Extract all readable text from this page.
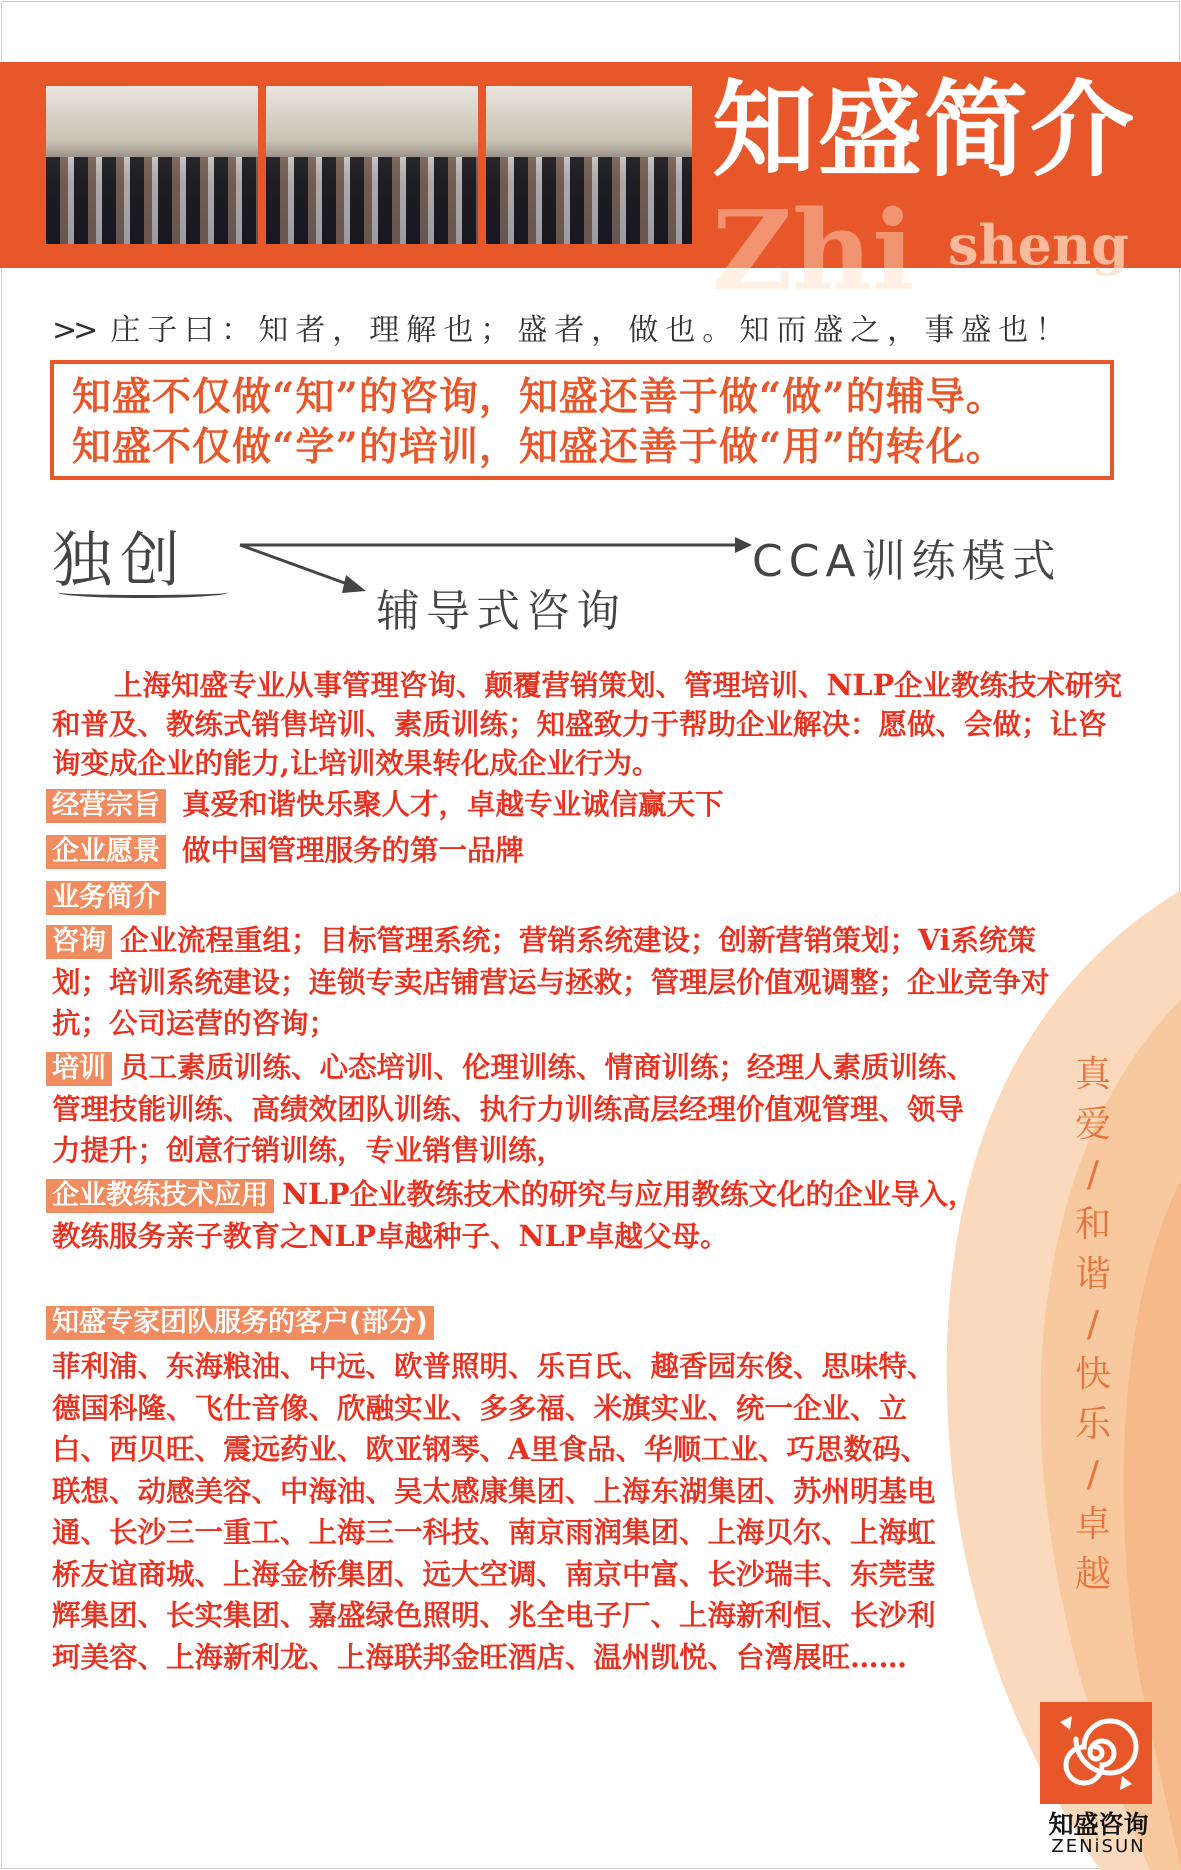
Zhi sheng
知盛简介
>> 庄子曰：知者，理解也；盛者，做也。知而盛之，事盛也！
知盛不仅做“知”的咨询，知盛还善于做“做”的辅导。
知盛不仅做“学”的培训，知盛还善于做“用”的转化。
独创	CCA训练模式
辅导式咨询
上海知盛专业从事管理咨询、颠覆营销策划、管理培训、NLP企业教练技术研究和普及、教练式销售培训、素质训练；知盛致力于帮助企业解决：愿做、会做；让咨询变成企业的能力,让培训效果转化成企业行为。
经营宗旨 真爱和谐快乐聚人才，卓越专业诚信赢天下
企业愿景 做中国管理服务的第一品牌
业务简介
咨询 企业流程重组；目标管理系统；营销系统建设；创新营销策划；Vi系统策划；培训系统建设；连锁专卖店铺营运与拯救；管理层价值观调整；企业竞争对抗；公司运营的咨询；
培训 员工素质训练、心态培训、伦理训练、情商训练；经理人素质训练、管理技能训练、高绩效团队训练、执行力训练高层经理价值观管理、领导力提升；创意行销训练，专业销售训练，
企业教练技术应用 NLP企业教练技术的研究与应用教练文化的企业导入，教练服务亲子教育之NLP卓越种子、NLP卓越父母。
知盛专家团队服务的客户(部分)
菲利浦、东海粮油、中远、欧普照明、乐百氏、趣香园东俊、思味特、德国科隆、飞仕音像、欣融实业、多多福、米旗实业、统一企业、立白、西贝旺、震远药业、欧亚钢琴、A里食品、华顺工业、巧思数码、联想、动感美容、中海油、吴太感康集团、上海东湖集团、苏州明基电通、长沙三一重工、上海三一科技、南京雨润集团、上海贝尔、上海虹桥友谊商城、上海金桥集团、远大空调、南京中富、长沙瑞丰、东莞莹辉集团、长实集团、嘉盛绿色照明、兆全电子厂、上海新利恒、长沙利珂美容、上海新利龙、上海联邦金旺酒店、温州凯悦、台湾展旺……
真
爱
/
和
谐
/
快
乐
/
卓
越
知盛咨询
ZENiSUN
